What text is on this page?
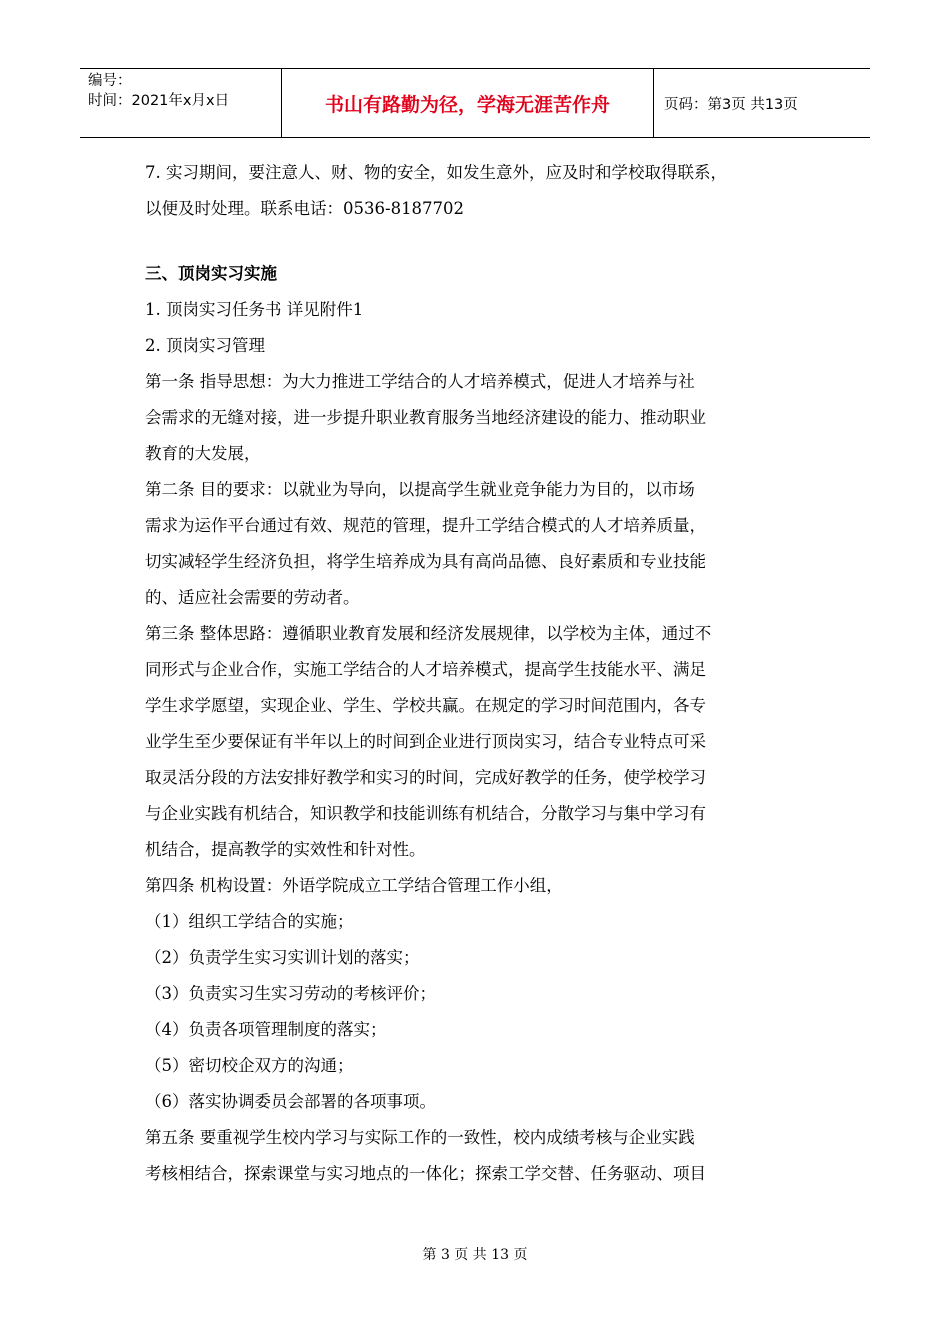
编号：
时间：2021年x月x日	书山有路勤为径，学海无涯苦作舟	页码：第3页 共13页
7. 实习期间，要注意人、财、物的安全，如发生意外，应及时和学校取得联系，
以便及时处理。联系电话：0536-8187702
三、顶岗实习实施
1. 顶岗实习任务书 详见附件1
2. 顶岗实习管理
第一条 指导思想：为大力推进工学结合的人才培养模式，促进人才培养与社
会需求的无缝对接，进一步提升职业教育服务当地经济建设的能力、推动职业
教育的大发展，
第二条 目的要求：以就业为导向，以提高学生就业竞争能力为目的，以市场
需求为运作平台通过有效、规范的管理，提升工学结合模式的人才培养质量，
切实减轻学生经济负担，将学生培养成为具有高尚品德、良好素质和专业技能
的、适应社会需要的劳动者。
第三条 整体思路：遵循职业教育发展和经济发展规律，以学校为主体，通过不
同形式与企业合作，实施工学结合的人才培养模式，提高学生技能水平、满足
学生求学愿望，实现企业、学生、学校共赢。在规定的学习时间范围内，各专
业学生至少要保证有半年以上的时间到企业进行顶岗实习，结合专业特点可采
取灵活分段的方法安排好教学和实习的时间，完成好教学的任务，使学校学习
与企业实践有机结合，知识教学和技能训练有机结合，分散学习与集中学习有
机结合，提高教学的实效性和针对性。
第四条 机构设置：外语学院成立工学结合管理工作小组，
（1）组织工学结合的实施；
（2）负责学生实习实训计划的落实；
（3）负责实习生实习劳动的考核评价；
（4）负责各项管理制度的落实；
（5）密切校企双方的沟通；
（6）落实协调委员会部署的各项事项。
第五条 要重视学生校内学习与实际工作的一致性，校内成绩考核与企业实践
考核相结合，探索课堂与实习地点的一体化；探索工学交替、任务驱动、项目
第 3 页 共 13 页
